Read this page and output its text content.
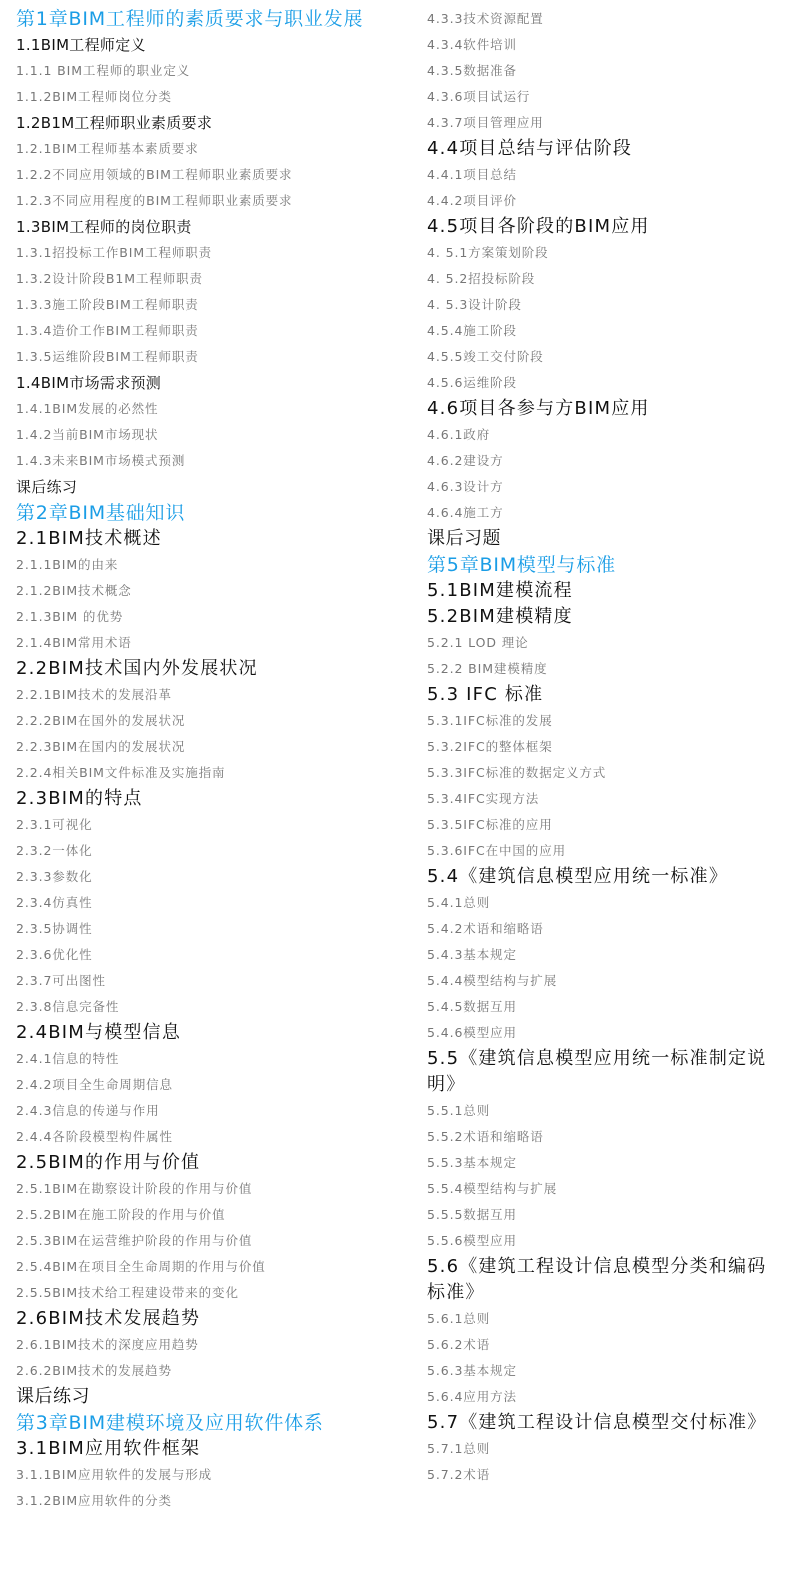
第1章BIM工程师的素质要求与职业发展
1.1BIM工程师定义
1.1.1 BIM工程师的职业定义
1.1.2BIM工程师岗位分类
1.2B1M工程师职业素质要求
1.2.1BIM工程师基本素质要求
1.2.2不同应用领域的BIM工程师职业素质要求
1.2.3不同应用程度的BIM工程师职业素质要求
1.3BIM工程师的岗位职责
1.3.1招投标工作BIM工程师职责
1.3.2设计阶段B1M工程师职责
1.3.3施工阶段BIM工程师职责
1.3.4造价工作BIM工程师职责
1.3.5运维阶段BIM工程师职责
1.4BIM市场需求预测
1.4.1BIM发展的必然性
1.4.2当前BIM市场现状
1.4.3未来BIM市场模式预测
课后练习
第2章BIM基础知识
2.1BIM技术概述
2.1.1BIM的由来
2.1.2BIM技术概念
2.1.3BIM 的优势
2.1.4BIM常用术语
2.2BIM技术国内外发展状况
2.2.1BIM技术的发展沿革
2.2.2BIM在国外的发展状况
2.2.3BIM在国内的发展状况
2.2.4相关BIM文件标准及实施指南
2.3BIM的特点
2.3.1可视化
2.3.2一体化
2.3.3参数化
2.3.4仿真性
2.3.5协调性
2.3.6优化性
2.3.7可出图性
2.3.8信息完备性
2.4BIM与模型信息
2.4.1信息的特性
2.4.2项目全生命周期信息
2.4.3信息的传递与作用
2.4.4各阶段模型构件属性
2.5BIM的作用与价值
2.5.1BIM在勘察设计阶段的作用与价值
2.5.2BIM在施工阶段的作用与价值
2.5.3BIM在运营维护阶段的作用与价值
2.5.4BIM在项目全生命周期的作用与价值
2.5.5BIM技术给工程建设带来的变化
2.6BIM技术发展趋势
2.6.1BIM技术的深度应用趋势
2.6.2BIM技术的发展趋势
课后练习
第3章BIM建模环境及应用软件体系
3.1BIM应用软件框架
3.1.1BIM应用软件的发展与形成
3.1.2BIM应用软件的分类
4.3.3技术资源配置
4.3.4软件培训
4.3.5数据准备
4.3.6项目试运行
4.3.7项目管理应用
4.4项目总结与评估阶段
4.4.1项目总结
4.4.2项目评价
4.5项目各阶段的BIM应用
4. 5.1方案策划阶段
4. 5.2招投标阶段
4. 5.3设计阶段
4.5.4施工阶段
4.5.5竣工交付阶段
4.5.6运维阶段
4.6项目各参与方BIM应用
4.6.1政府
4.6.2建设方
4.6.3设计方
4.6.4施工方
课后习题
第5章BIM模型与标准
5.1BIM建模流程
5.2BIM建模精度
5.2.1 LOD 理论
5.2.2 BIM建模精度
5.3 IFC 标准
5.3.1IFC标准的发展
5.3.2IFC的整体框架
5.3.3IFC标准的数据定义方式
5.3.4IFC实现方法
5.3.5IFC标准的应用
5.3.6IFC在中国的应用
5.4《建筑信息模型应用统一标准》
5.4.1总则
5.4.2术语和缩略语
5.4.3基本规定
5.4.4模型结构与扩展
5.4.5数据互用
5.4.6模型应用
5.5《建筑信息模型应用统一标准制定说明》
5.5.1总则
5.5.2术语和缩略语
5.5.3基本规定
5.5.4模型结构与扩展
5.5.5数据互用
5.5.6模型应用
5.6《建筑工程设计信息模型分类和编码标准》
5.6.1总则
5.6.2术语
5.6.3基本规定
5.6.4应用方法
5.7《建筑工程设计信息模型交付标准》
5.7.1总则
5.7.2术语
